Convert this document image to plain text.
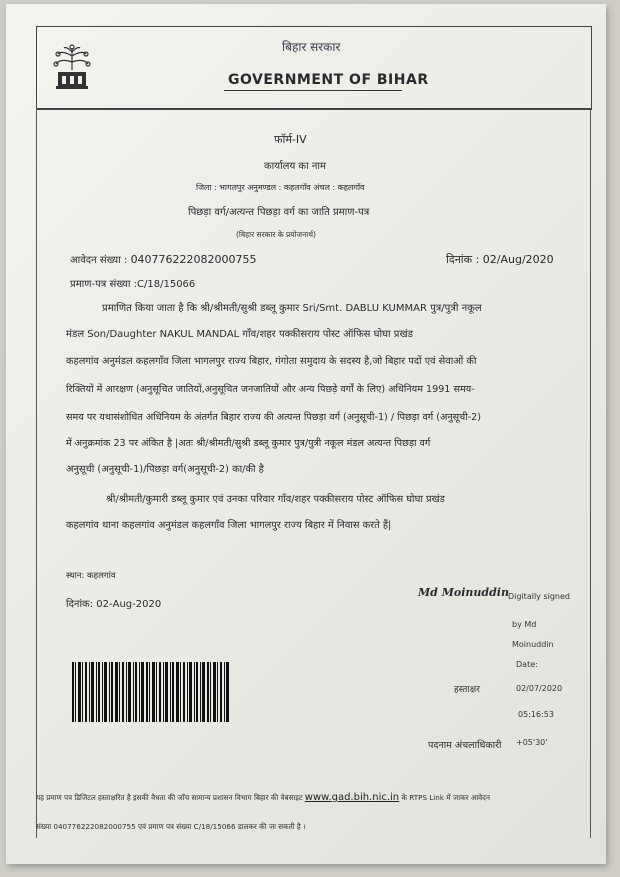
बिहार सरकार
GOVERNMENT OF BIHAR
फॉर्म-IV
कार्यालय का नाम
जिला : भागलपुर अनुमण्डल : कहलगाँव अंचल : कहलगाँव
पिछड़ा वर्ग/अत्यन्त पिछड़ा वर्ग का जाति प्रमाण-पत्र
(बिहार सरकार के प्रयोजनार्थ)
आवेदन संख्या : 040776222082000755	दिनांक : 02/Aug/2020
प्रमाण-पत्र संख्या :C/18/15066
प्रमाणित किया जाता है कि श्री/श्रीमती/सुश्री डब्लू कुमार Sri/Smt. DABLU KUMMAR पुत्र/पुत्री नकूल
मंडल Son/Daughter NAKUL MANDAL गाँव/शहर पक्कीसराय पोस्ट ऑफिस घोघा प्रखंड
कहलगांव अनुमंडल कहलगाँव जिला भागलपुर राज्य बिहार, गंगोता समुदाय के सदस्य है,जो बिहार पदों एवं सेवाओं की
रिक्तियों में आरक्षण (अनुसूचित जातियों,अनुसूचित जनजातियों और अन्य पिछड़े वर्गों के लिए) अधिनियम 1991 समय-
समय पर यथासंशोधित अधिनियम के अंतर्गत बिहार राज्य की अत्यन्त पिछड़ा वर्ग (अनुसूची-1) / पिछड़ा वर्ग (अनुसूची-2)
में अनुक्रमांक 23 पर अंकित है |अतः श्री/श्रीमती/सुश्री डब्लू कुमार पुत्र/पुत्री नकूल मंडल अत्यन्त पिछड़ा वर्ग
अनुसूची (अनुसूची-1)/पिछड़ा वर्ग(अनुसूची-2) का/की है
श्री/श्रीमती/कुमारी डब्लू कुमार एवं उनका परिवार गाँव/शहर पक्कीसराय पोस्ट ऑफिस घोघा प्रखंड
कहलगांव थाना कहलगांव अनुमंडल कहलगाँव जिला भागलपुर राज्य बिहार में निवास करते हैं|
स्थान: कहलगांव
दिनांक: 02-Aug-2020
Md Moinuddin Digitally signed
by Md
Moinuddin
Date:
02/07/2020
05:16:53
+05'30'
हस्ताक्षर
पदनाम अंचलाधिकारी
यह प्रमाण पत्र डिजिटल हस्ताक्षरित है इसकी वैधता की जाँच सामान्य प्रशासन विभाग बिहार की वेबसाइट www.gad.bih.nic.in के RTPS Link में जाकर आवेदन
संख्या 040776222082000755 एवं प्रमाण पत्र संख्या C/18/15066 डालकर की जा सकती है ।
